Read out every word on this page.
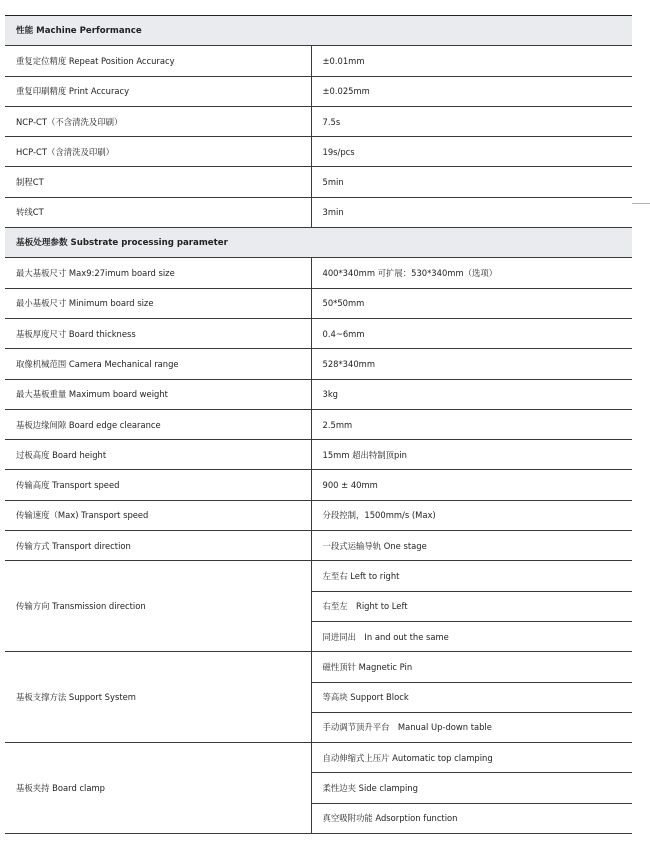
性能 Machine Performance	
重复定位精度 Repeat Position Accuracy	±0.01mm
重复印刷精度 Print Accuracy	±0.025mm
NCP-CT（不含清洗及印刷）	7.5s
HCP-CT（含清洗及印刷）	19s/pcs
制程CT	5min
转线CT	3min
基板处理参数 Substrate processing parameter	
最大基板尺寸 Max9:27imum board size	400*340mm 可扩展：530*340mm（选项）
最小基板尺寸 Minimum board size	50*50mm
基板厚度尺寸 Board thickness	0.4~6mm
取像机械范围 Camera Mechanical range	528*340mm
最大基板重量 Maximum board weight	3kg
基板边缘间隙 Board edge clearance	2.5mm
过板高度 Board height	15mm 超出特制顶pin
传输高度 Transport speed	900 ± 40mm
传输速度（Max) Transport speed	分段控制，1500mm/s (Max)
传输方式 Transport direction	一段式运输导轨 One stage
传输方向 Transmission direction	左至右 Left to right
	右至左　Right to Left
	同进同出　In and out the same
基板支撑方法 Support System	磁性顶针 Magnetic Pin
	等高块 Support Block
	手动调节顶升平台　Manual Up-down table
基板夹持 Board clamp	自动伸缩式上压片 Automatic top clamping
	柔性边夹 Side clamping
	真空吸附功能 Adsorption function
